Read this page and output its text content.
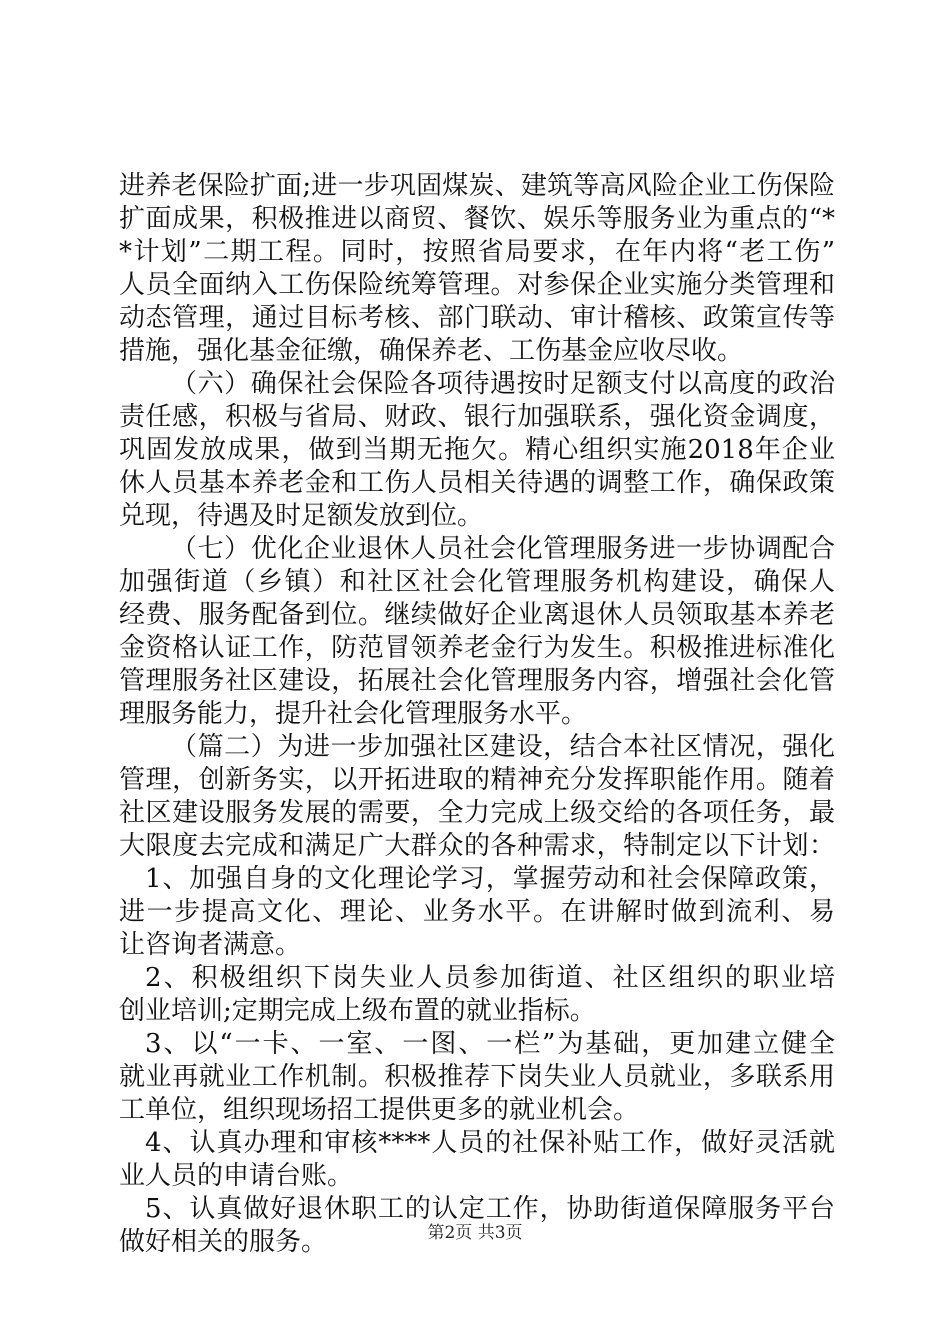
进养老保险扩面;进一步巩固煤炭、建筑等高风险企业工伤保险
扩面成果，积极推进以商贸、餐饮、娱乐等服务业为重点的“*
*计划”二期工程。同时，按照省局要求，在年内将“老工伤”
人员全面纳入工伤保险统筹管理。对参保企业实施分类管理和
动态管理，通过目标考核、部门联动、审计稽核、政策宣传等
措施，强化基金征缴，确保养老、工伤基金应收尽收。
（六）确保社会保险各项待遇按时足额支付以高度的政治
责任感，积极与省局、财政、银行加强联系，强化资金调度，
巩固发放成果，做到当期无拖欠。精心组织实施2018年企业
休人员基本养老金和工伤人员相关待遇的调整工作，确保政策
兑现，待遇及时足额发放到位。
（七）优化企业退休人员社会化管理服务进一步协调配合
加强街道（乡镇）和社区社会化管理服务机构建设，确保人
经费、服务配备到位。继续做好企业离退休人员领取基本养老
金资格认证工作，防范冒领养老金行为发生。积极推进标准化
管理服务社区建设，拓展社会化管理服务内容，增强社会化管
理服务能力，提升社会化管理服务水平。
（篇二）为进一步加强社区建设，结合本社区情况，强化
管理，创新务实，以开拓进取的精神充分发挥职能作用。随着
社区建设服务发展的需要，全力完成上级交给的各项任务，最
大限度去完成和满足广大群众的各种需求，特制定以下计划：
1、加强自身的文化理论学习，掌握劳动和社会保障政策，
进一步提高文化、理论、业务水平。在讲解时做到流利、易
让咨询者满意。
2、积极组织下岗失业人员参加街道、社区组织的职业培
创业培训;定期完成上级布置的就业指标。
3、以“一卡、一室、一图、一栏”为基础，更加建立健全
就业再就业工作机制。积极推荐下岗失业人员就业，多联系用
工单位，组织现场招工提供更多的就业机会。
4、认真办理和审核****人员的社保补贴工作，做好灵活就
业人员的申请台账。
5、认真做好退休职工的认定工作，协助街道保障服务平台
做好相关的服务。	第2页 共3页
